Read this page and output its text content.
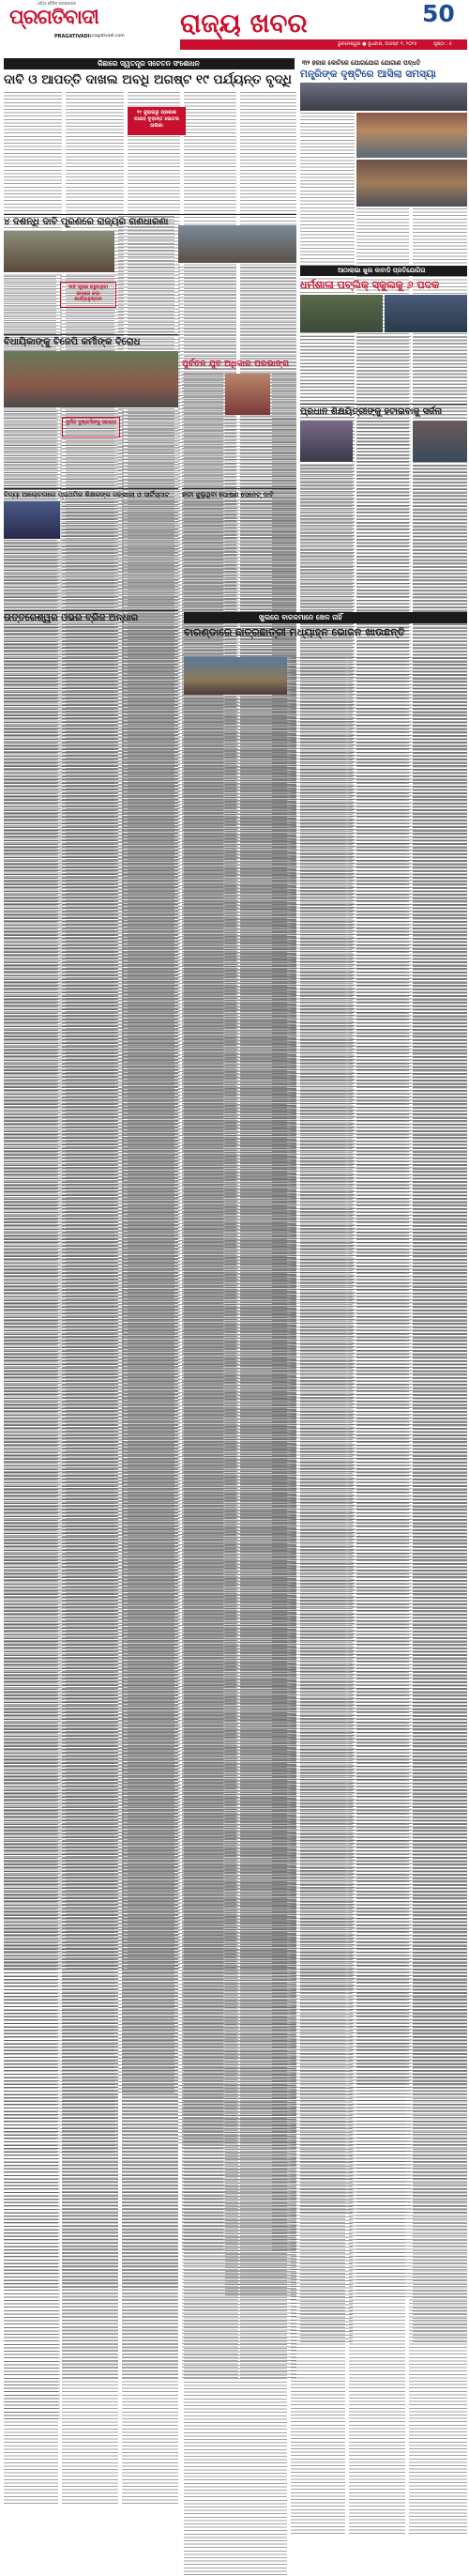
ଓଡ଼ିଆ ଦୈନିକ ଖବରକାଗଜ
ପ୍ରଗତିବାଦୀ
PRAGATIVADI pragativadi.com ରାଜ୍ୟ ଖବର	50
ଭୁବନେଶ୍ୱର ● ବୁଧବାର, ଅଗଷ୍ଟ ୧, ୨୦୨୫	ପୃଷ୍ଠା : ୫
କିଛାରେ ସ୍ୱତନ୍ତ୍ର ସଚେତନ ସଂଶୋଧନ
ଦାବି ଓ ଆପତ୍ତି ଦାଖଲ ଅବଧି ଅଗଷ୍ଟ ୧୯ ପର୍ଯ୍ୟନ୍ତ ବୃଦ୍ଧି
୧୯ ଜୁଲାଇରୁ ପ୍ରକାଶ ପାଇବ ଚୂଡ଼ାନ୍ତ ଭୋଟର ତାଲିକା
୩୨ ହଜାର କୋଟିରେ ଯୋଗଯୋଗ ଯୋଗାଣ ପଦ୍ଧତି
ମନ୍ତ୍ରିଙ୍କ ଦୃଷ୍ଟିରେ ଆସିଲା ସମସ୍ୟା
୪ ଦଶନ୍ଧି ଦାବି ପୂରଣରେ ରାଜ୍ୟର ଗଣଧାରଣା
ଦାବି ପୂରଣ କରୁନଥିବା କାଳରେ କଡ଼ା କାର୍ଯ୍ୟାନୁଷ୍ଠାନ
ଆଠାଲାଭା ଖୁଲ କାବାଡି ପ୍ରତିଯୋଗିତା
ଧର୍ମଶାଳା ପବ୍ଲିକ୍ ସ୍କୁଲକୁ ୬ ପଦକ
ବିଧାୟିକାଙ୍କୁ ବିଜେପି କର୍ମୀଙ୍କ ବିରୋଧ
ଦୁର୍ନୀତି ଦୁଷ୍କର୍ମୀଙ୍କୁ ସହାୟତା
ପୁର୍ବତନ ଯୁବ ଅଧିକାର ପରଭାଙ୍ଗ
ପ୍ରଧାନ ଶିକ୍ଷୟିତ୍ରୀଙ୍କୁ ହଟାଇବାକୁ ସର୍ଜନା
ବିଦ୍ୟା ଆଲୋଚନାରେ ପ୍ରାଥମିକ ଶିକ୍ଷକଙ୍କ ସରକାରୀ ଓ ସାର୍ଟିସ୍ମାଟ	ହାତୀ ଝୁଲୁଥିବା ପୋଷଣ ସେନେଟ୍ ଦାବି
ଖୁଲରେ ବାଳକମାନେ ଖେଳ ନାହିଁ
ବାରଣ୍ଡାରେ ଛାତ୍ରଛାତ୍ରୀ ମଧ୍ୟାହ୍ନ ଭୋଜନ ଖାଉଛନ୍ତି
ଉତ୍ତରେଶ୍ୱର ଓଭର ବ୍ରିଜ ଅନ୍ଧାର
